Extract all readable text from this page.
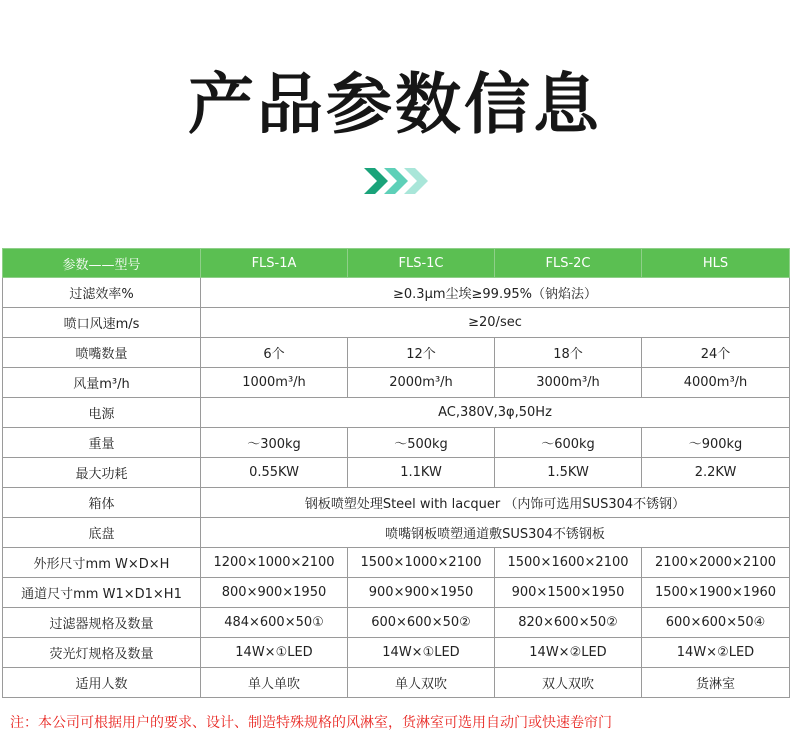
产品参数信息
参数——型号	FLS-1A	FLS-1C	FLS-2C	HLS
过滤效率%	≥0.3μm尘埃≥99.95%（钠焰法）			
喷口风速m/s	≥20/sec			
喷嘴数量	6个	12个	18个	24个
风量m³/h	1000m³/h	2000m³/h	3000m³/h	4000m³/h
电源	AC,380V,3φ,50Hz			
重量	～300kg	～500kg	～600kg	～900kg
最大功耗	0.55KW	1.1KW	1.5KW	2.2KW
箱体	钢板喷塑处理Steel with lacquer （内饰可选用SUS304不锈钢）			
底盘	喷嘴钢板喷塑通道敷SUS304不锈钢板			
外形尺寸mm W×D×H	1200×1000×2100	1500×1000×2100	1500×1600×2100	2100×2000×2100
通道尺寸mm W1×D1×H1	800×900×1950	900×900×1950	900×1500×1950	1500×1900×1960
过滤器规格及数量	484×600×50①	600×600×50②	820×600×50②	600×600×50④
荧光灯规格及数量	14W×①LED	14W×①LED	14W×②LED	14W×②LED
适用人数	单人单吹	单人双吹	双人双吹	货淋室
注：本公司可根据用户的要求、设计、制造特殊规格的风淋室，货淋室可选用自动门或快速卷帘门
